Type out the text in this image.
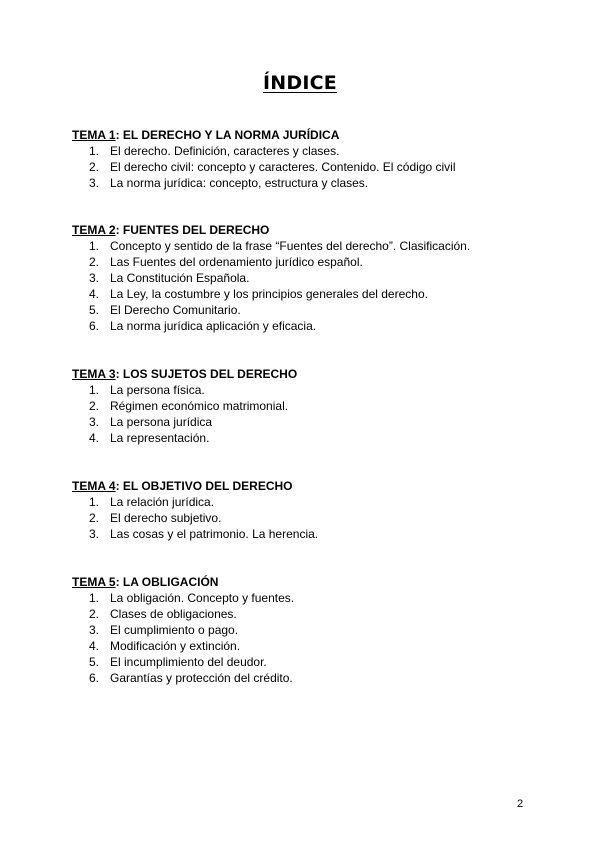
ÍNDICE

TEMA 1: EL DERECHO Y LA NORMA JURÍDICA

1. El derecho. Definición, caracteres y clases.
2. El derecho civil: concepto y caracteres. Contenido. El código civil
3. La norma jurídica: concepto, estructura y clases.

TEMA 2: FUENTES DEL DERECHO

1. Concepto y sentido de la frase “Fuentes del derecho”. Clasificación.
2. Las Fuentes del ordenamiento jurídico español.
3. La Constitución Española.
4. La Ley, la costumbre y los principios generales del derecho.
5. El Derecho Comunitario.
6. La norma jurídica aplicación y eficacia.

TEMA 3: LOS SUJETOS DEL DERECHO

1. La persona física.
2. Régimen económico matrimonial.
3. La persona jurídica
4. La representación.

TEMA 4: EL OBJETIVO DEL DERECHO

1. La relación jurídica.
2. El derecho subjetivo.
3. Las cosas y el patrimonio. La herencia.

TEMA 5: LA OBLIGACIÓN

1. La obligación. Concepto y fuentes.
2. Clases de obligaciones.
3. El cumplimiento o pago.
4. Modificación y extinción.
5. El incumplimiento del deudor.
6. Garantías y protección del crédito.
2
